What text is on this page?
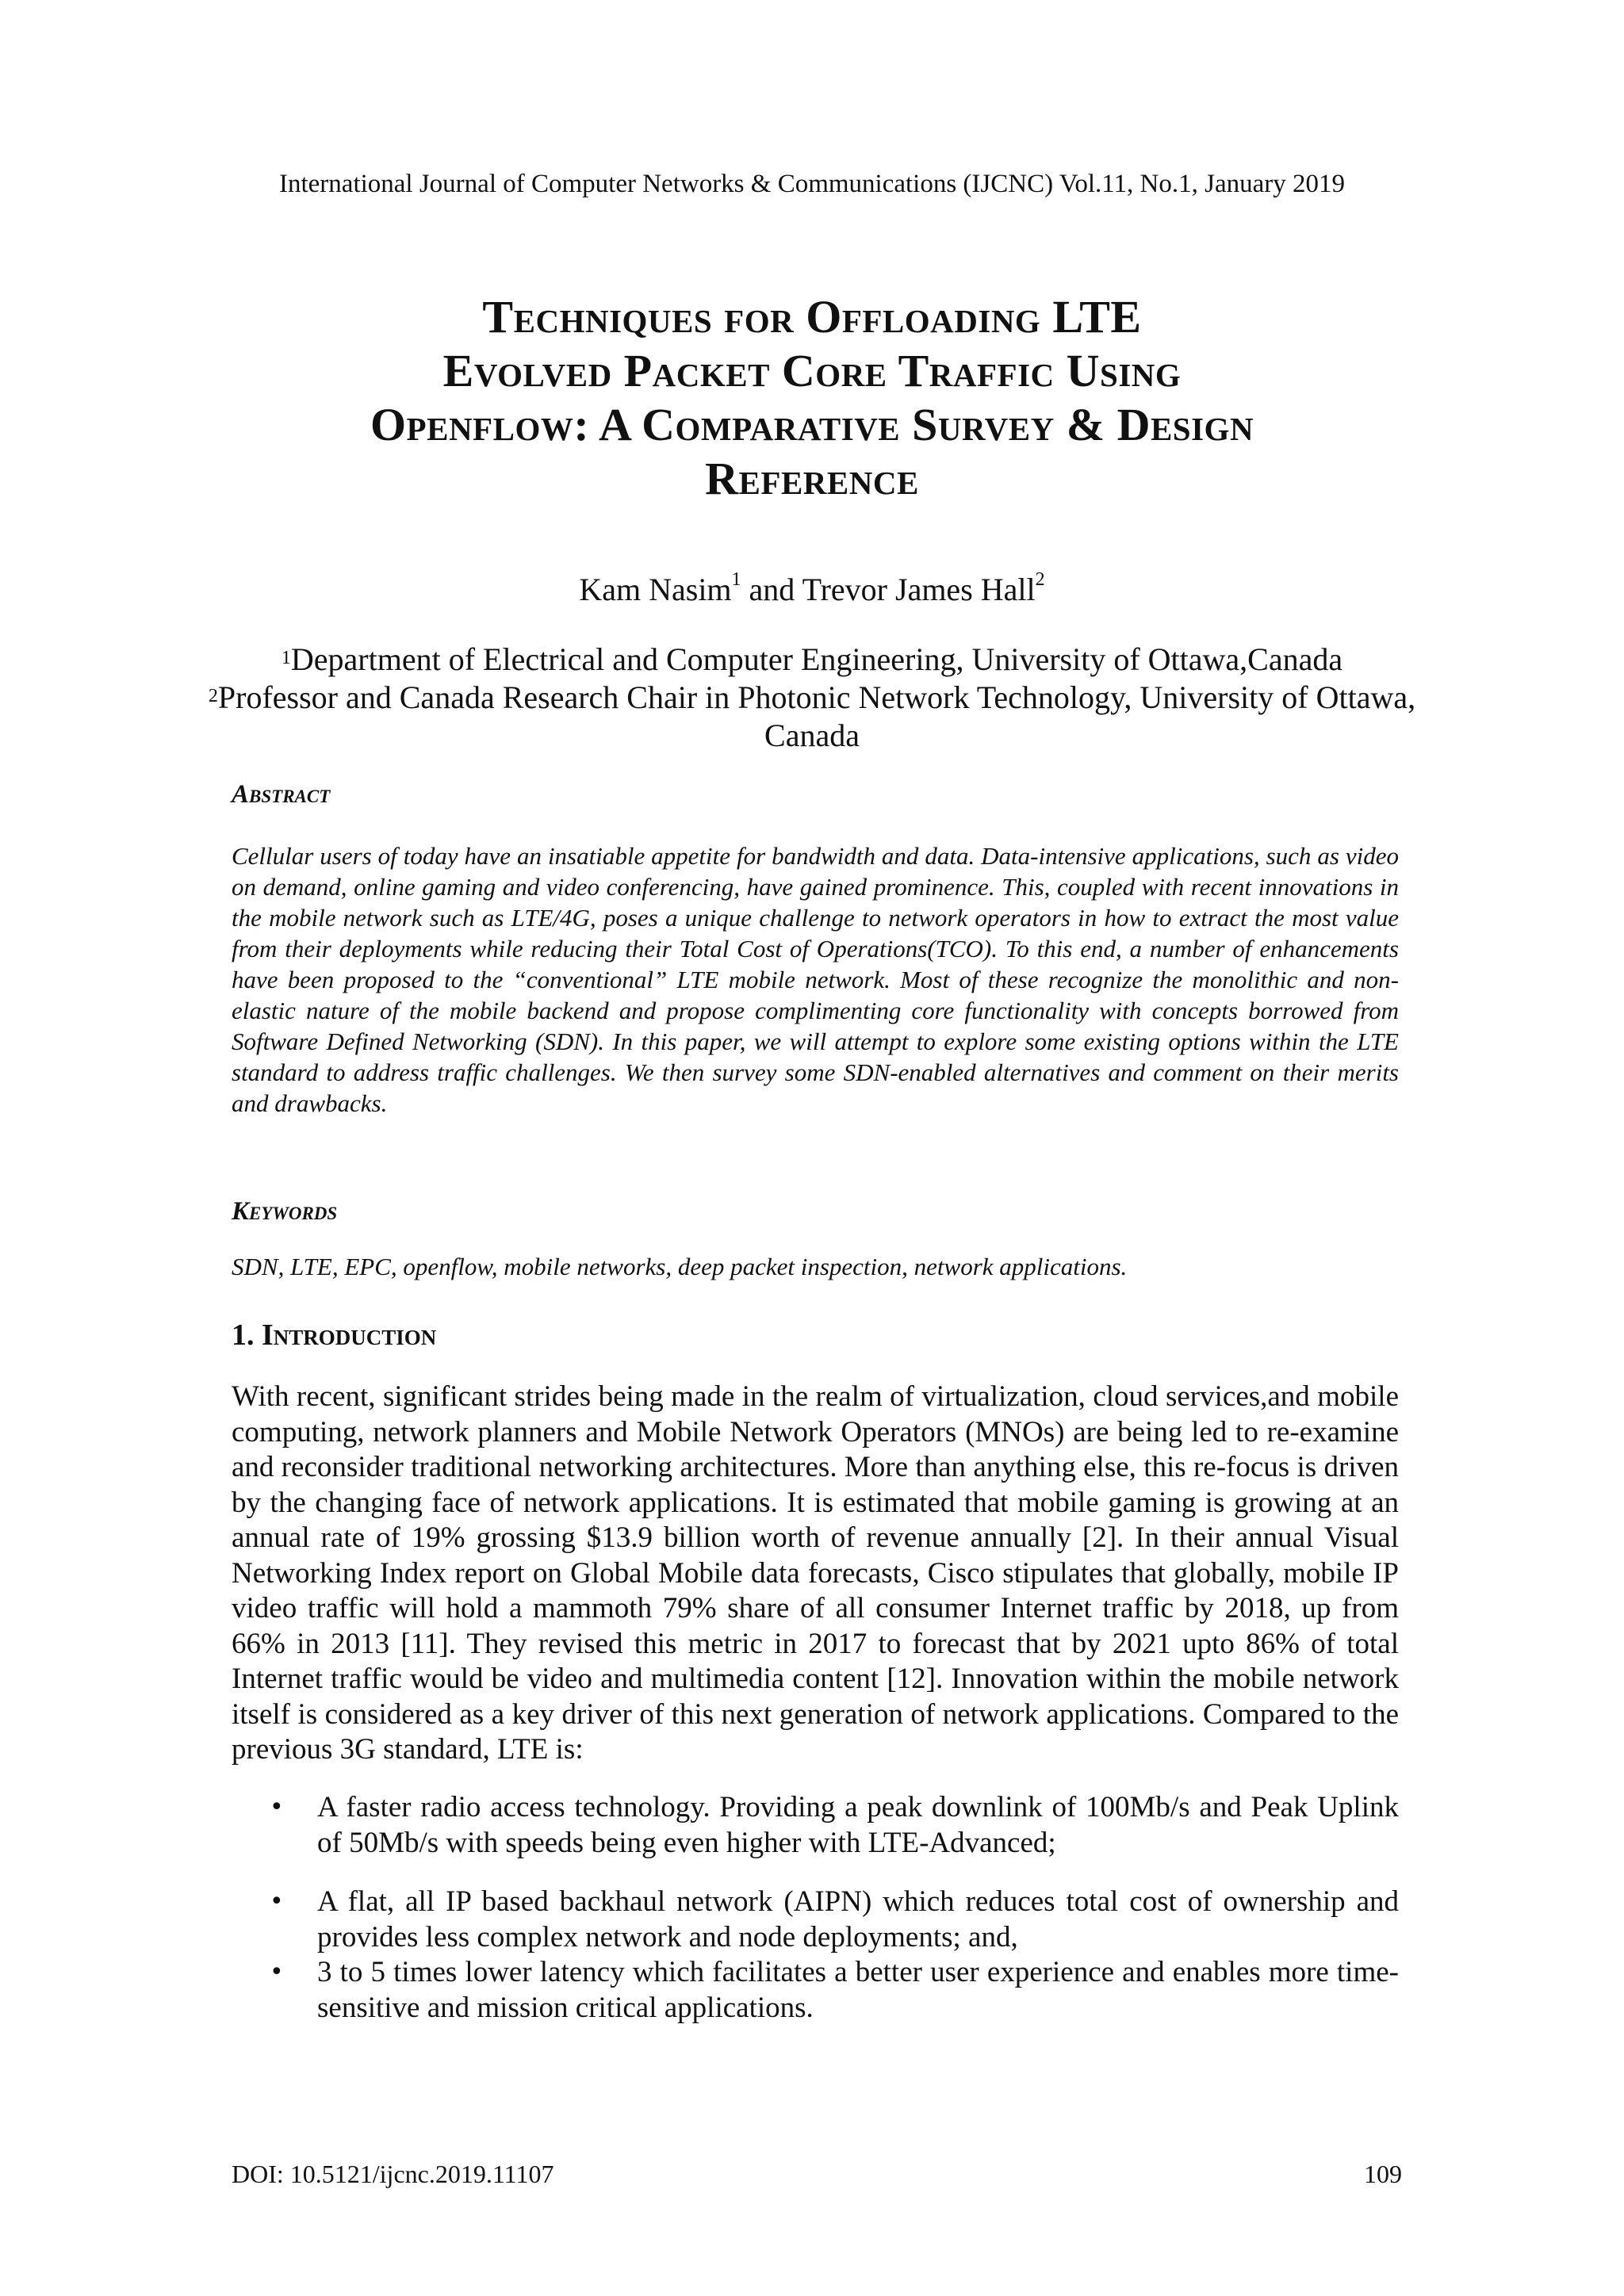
International Journal of Computer Networks & Communications (IJCNC) Vol.11, No.1, January 2019
Techniques for Offloading LTE
Evolved Packet Core Traffic Using
Openflow: A Comparative Survey & Design
Reference
Kam Nasim$^1$ and Trevor James Hall$^2$
$^1$Department of Electrical and Computer Engineering, University of Ottawa,Canada
$^2$Professor and Canada Research Chair in Photonic Network Technology, University of Ottawa, Canada
Abstract
Cellular users of today have an insatiable appetite for bandwidth and data. Data-intensive applications, such as video on demand, online gaming and video conferencing, have gained prominence. This, coupled with recent innovations in the mobile network such as LTE/4G, poses a unique challenge to network operators in how to extract the most value from their deployments while reducing their Total Cost of Operations(TCO). To this end, a number of enhancements have been proposed to the “conventional” LTE mobile network. Most of these recognize the monolithic and non-elastic nature of the mobile backend and propose complimenting core functionality with concepts borrowed from Software Defined Networking (SDN). In this paper, we will attempt to explore some existing options within the LTE standard to address traffic challenges. We then survey some SDN-enabled alternatives and comment on their merits and drawbacks.
Keywords
SDN, LTE, EPC, openflow, mobile networks, deep packet inspection, network applications.
1. Introduction
With recent, significant strides being made in the realm of virtualization, cloud services,and mobile computing, network planners and Mobile Network Operators (MNOs) are being led to re-examine and reconsider traditional networking architectures. More than anything else, this re-focus is driven by the changing face of network applications. It is estimated that mobile gaming is growing at an annual rate of 19% grossing $13.9 billion worth of revenue annually [2]. In their annual Visual Networking Index report on Global Mobile data forecasts, Cisco stipulates that globally, mobile IP video traffic will hold a mammoth 79% share of all consumer Internet traffic by 2018, up from 66% in 2013 [11]. They revised this metric in 2017 to forecast that by 2021 upto 86% of total Internet traffic would be video and multimedia content [12]. Innovation within the mobile network itself is considered as a key driver of this next generation of network applications. Compared to the previous 3G standard, LTE is:
• A faster radio access technology. Providing a peak downlink of 100Mb/s and Peak Uplink of 50Mb/s with speeds being even higher with LTE-Advanced;
• A flat, all IP based backhaul network (AIPN) which reduces total cost of ownership and provides less complex network and node deployments; and,
• 3 to 5 times lower latency which facilitates a better user experience and enables more time-sensitive and mission critical applications.
DOI: 10.5121/ijcnc.2019.11107	109
